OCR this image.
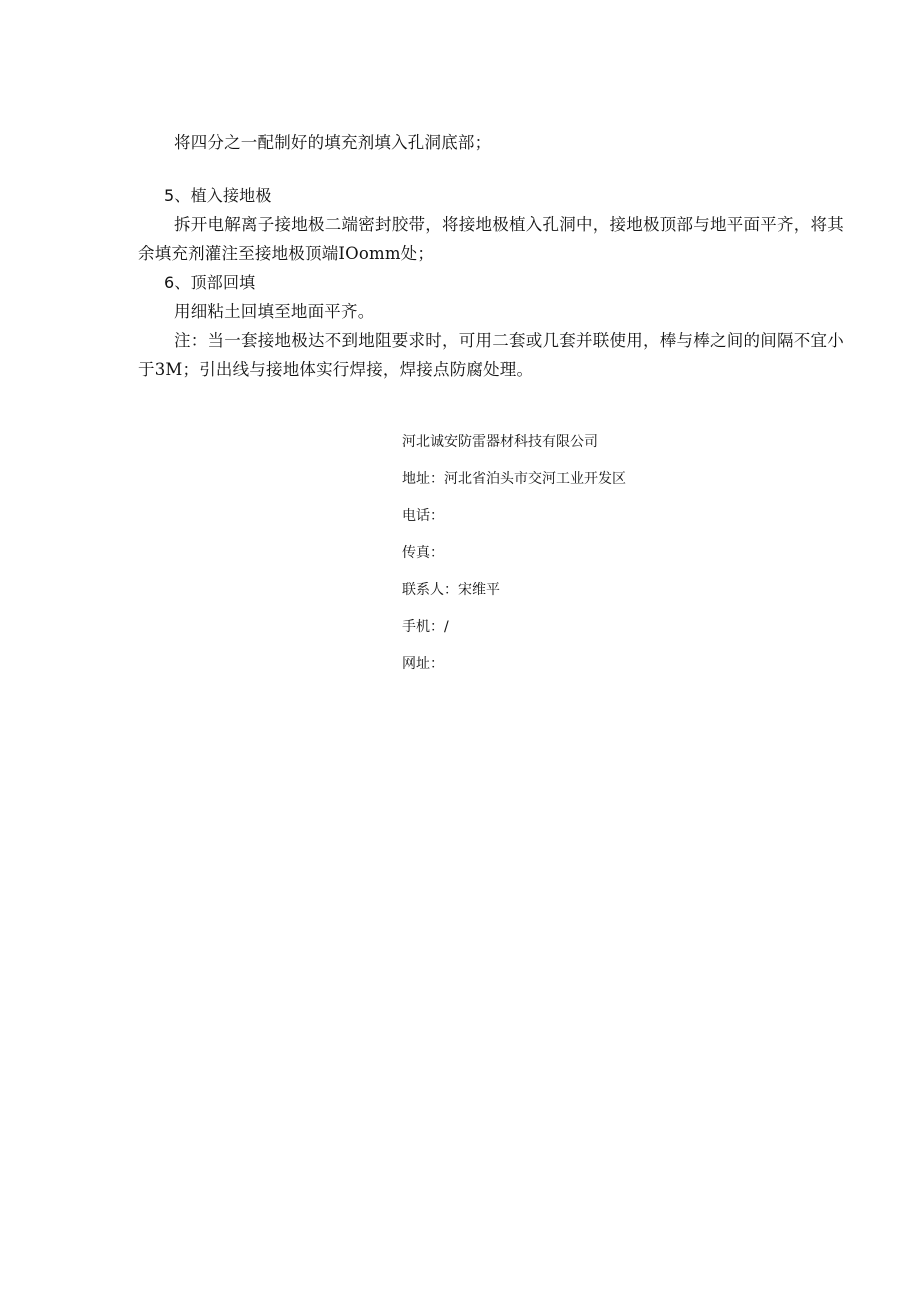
将四分之一配制好的填充剂填入孔洞底部；

5、植入接地极

拆开电解离子接地极二端密封胶带，将接地极植入孔洞中，接地极顶部与地平面平齐，将其余填充剂灌注至接地极顶端IOomm处；

6、顶部回填

用细粘土回填至地面平齐。

注：当一套接地极达不到地阻要求时，可用二套或几套并联使用，棒与棒之间的间隔不宜小于3M；引出线与接地体实行焊接，焊接点防腐处理。

河北诚安防雷器材科技有限公司

地址：河北省泊头市交河工业开发区

电话：

传真：

联系人：宋维平

手机：/

网址：
